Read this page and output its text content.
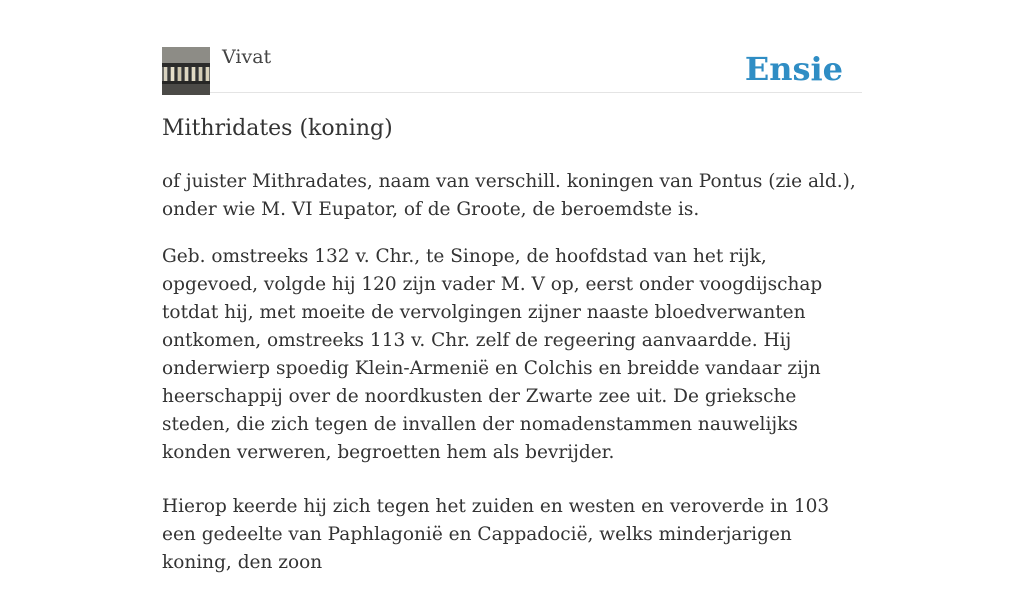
Vivat	Ensie
Mithridates (koning)

of juister Mithradates, naam van verschill. koningen van Pontus (zie ald.), onder wie M. VI Eupator, of de Groote, de beroemdste is.

Geb. omstreeks 132 v. Chr., te Sinope, de hoofdstad van het rijk, opgevoed, volgde hij 120 zijn vader M. V op, eerst onder voogdijschap totdat hij, met moeite de vervolgingen zijner naaste bloedverwanten ontkomen, omstreeks 113 v. Chr. zelf de regeering aanvaardde. Hij onderwierp spoedig Klein-Armenië en Colchis en breidde vandaar zijn heerschappij over de noordkusten der Zwarte zee uit. De grieksche steden, die zich tegen de invallen der nomadenstammen nauwelijks konden verweren, begroetten hem als bevrijder.

Hierop keerde hij zich tegen het zuiden en westen en veroverde in 103 een gedeelte van Paphlagonië en Cappadocië, welks minderjarigen koning, den zoon
